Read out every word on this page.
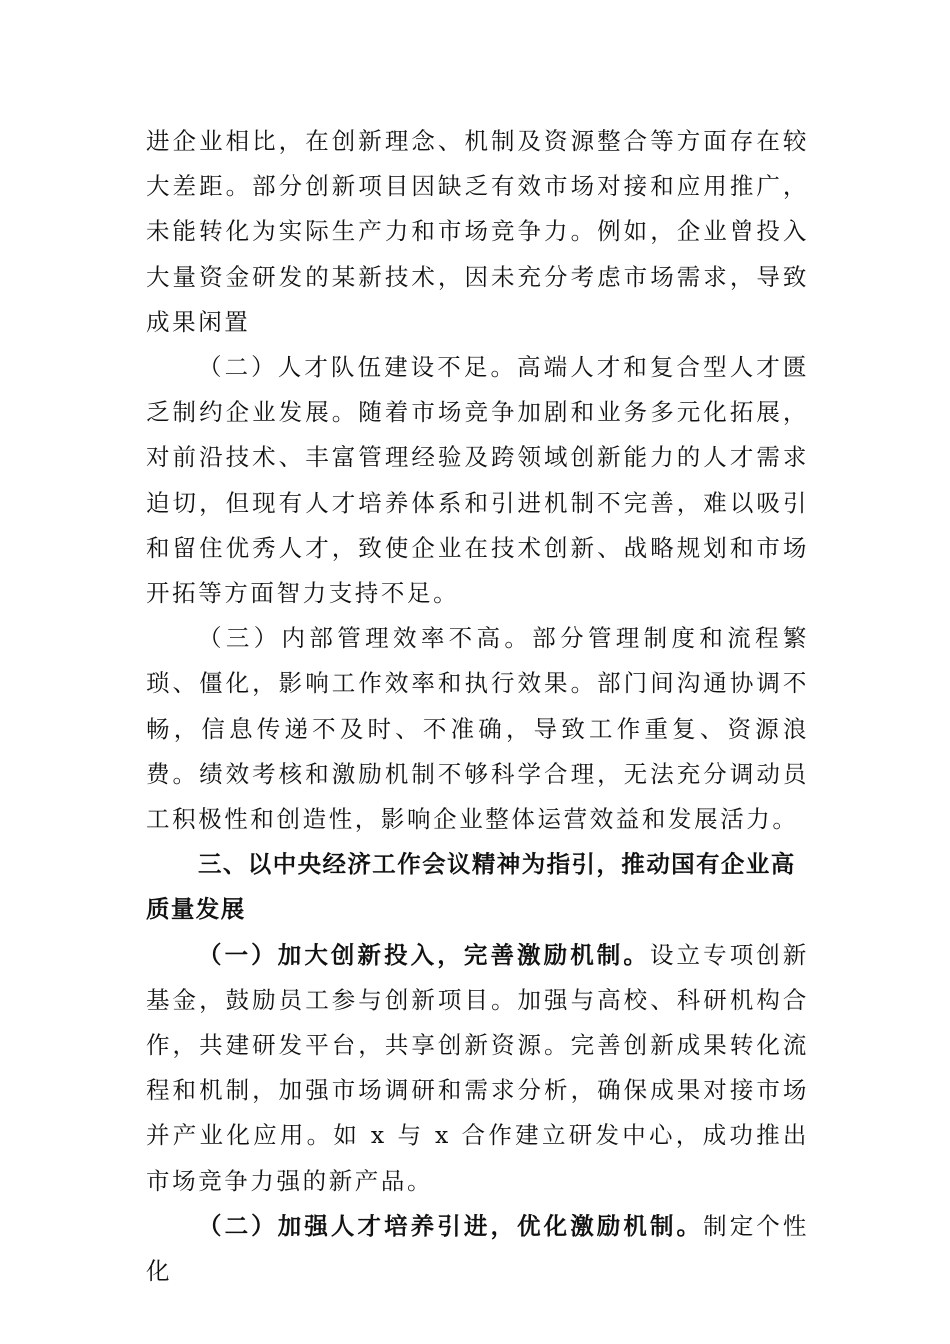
进企业相比，在创新理念、机制及资源整合等方面存在较大差距。部分创新项目因缺乏有效市场对接和应用推广，未能转化为实际生产力和市场竞争力。例如，企业曾投入大量资金研发的某新技术，因未充分考虑市场需求，导致成果闲置

（二）人才队伍建设不足。高端人才和复合型人才匮乏制约企业发展。随着市场竞争加剧和业务多元化拓展，对前沿技术、丰富管理经验及跨领域创新能力的人才需求迫切，但现有人才培养体系和引进机制不完善，难以吸引和留住优秀人才，致使企业在技术创新、战略规划和市场开拓等方面智力支持不足。

（三）内部管理效率不高。部分管理制度和流程繁琐、僵化，影响工作效率和执行效果。部门间沟通协调不畅，信息传递不及时、不准确，导致工作重复、资源浪费。绩效考核和激励机制不够科学合理，无法充分调动员工积极性和创造性，影响企业整体运营效益和发展活力。

三、以中央经济工作会议精神为指引，推动国有企业高质量发展

（一）加大创新投入，完善激励机制。设立专项创新基金，鼓励员工参与创新项目。加强与高校、科研机构合作，共建研发平台，共享创新资源。完善创新成果转化流程和机制，加强市场调研和需求分析，确保成果对接市场并产业化应用。如 x 与 x 合作建立研发中心，成功推出市场竞争力强的新产品。

（二）加强人才培养引进，优化激励机制。制定个性化
